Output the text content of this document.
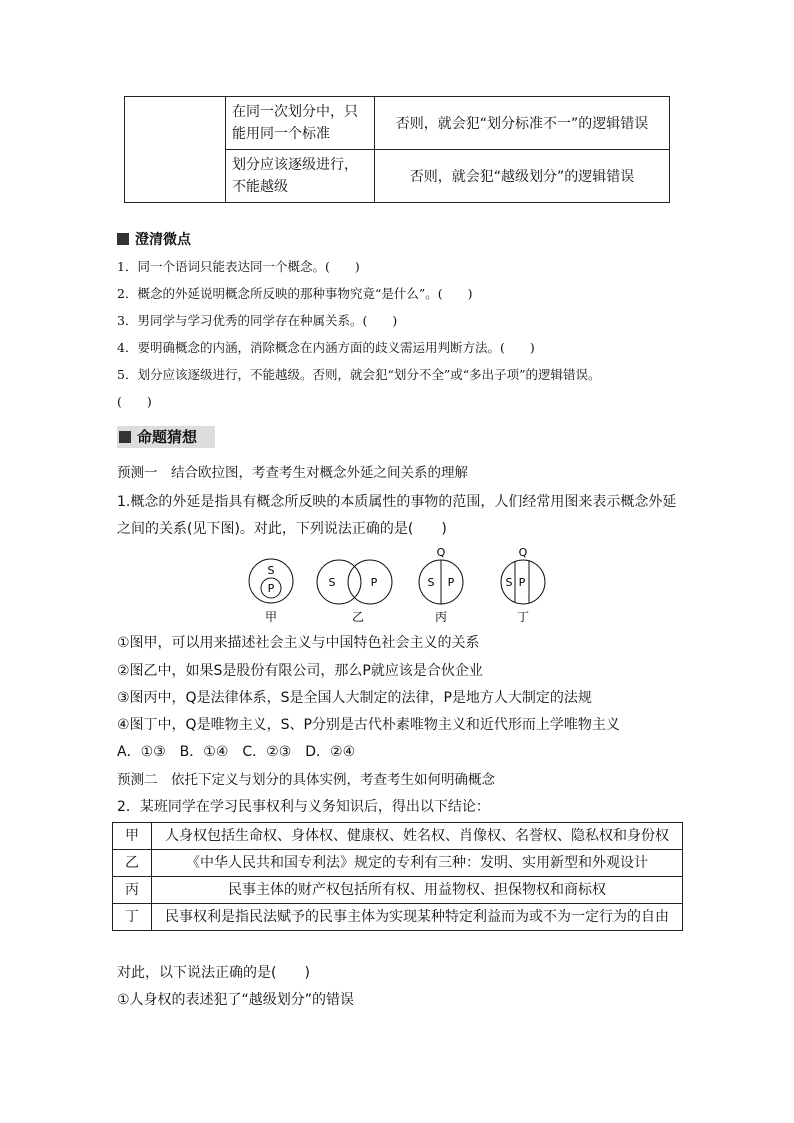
	在同一次划分中，只能用同一个标准	否则，就会犯“划分标准不一”的逻辑错误
	划分应该逐级进行，不能越级	否则，就会犯“越级划分”的逻辑错误
澄清微点
1．同一个语词只能表达同一个概念。(　　)
2．概念的外延说明概念所反映的那种事物究竟“是什么”。(　　)
3．男同学与学习优秀的同学存在种属关系。(　　)
4．要明确概念的内涵，消除概念在内涵方面的歧义需运用判断方法。(　　)
5．划分应该逐级进行，不能越级。否则，就会犯“划分不全”或“多出子项”的逻辑错误。
(　　)
命题猜想
预测一　结合欧拉图，考查考生对概念外延之间关系的理解
1.概念的外延是指具有概念所反映的本质属性的事物的范围，人们经常用图来表示概念外延
之间的关系(见下图)。对此，下列说法正确的是(　　)
S
P
甲
S	P
乙
Q
S P
丙
Q
S P
丁
①图甲，可以用来描述社会主义与中国特色社会主义的关系
②图乙中，如果S是股份有限公司，那么P就应该是合伙企业
③图丙中，Q是法律体系，S是全国人大制定的法律，P是地方人大制定的法规
④图丁中，Q是唯物主义，S、P分别是古代朴素唯物主义和近代形而上学唯物主义
A．①③　B．①④　C．②③　D．②④
预测二　依托下定义与划分的具体实例，考查考生如何明确概念
2．某班同学在学习民事权利与义务知识后，得出以下结论：
甲	人身权包括生命权、身体权、健康权、姓名权、肖像权、名誉权、隐私权和身份权
乙	《中华人民共和国专利法》规定的专利有三种：发明、实用新型和外观设计
丙	民事主体的财产权包括所有权、用益物权、担保物权和商标权
丁	民事权利是指民法赋予的民事主体为实现某种特定利益而为或不为一定行为的自由
对此，以下说法正确的是(　　)
①人身权的表述犯了“越级划分”的错误
